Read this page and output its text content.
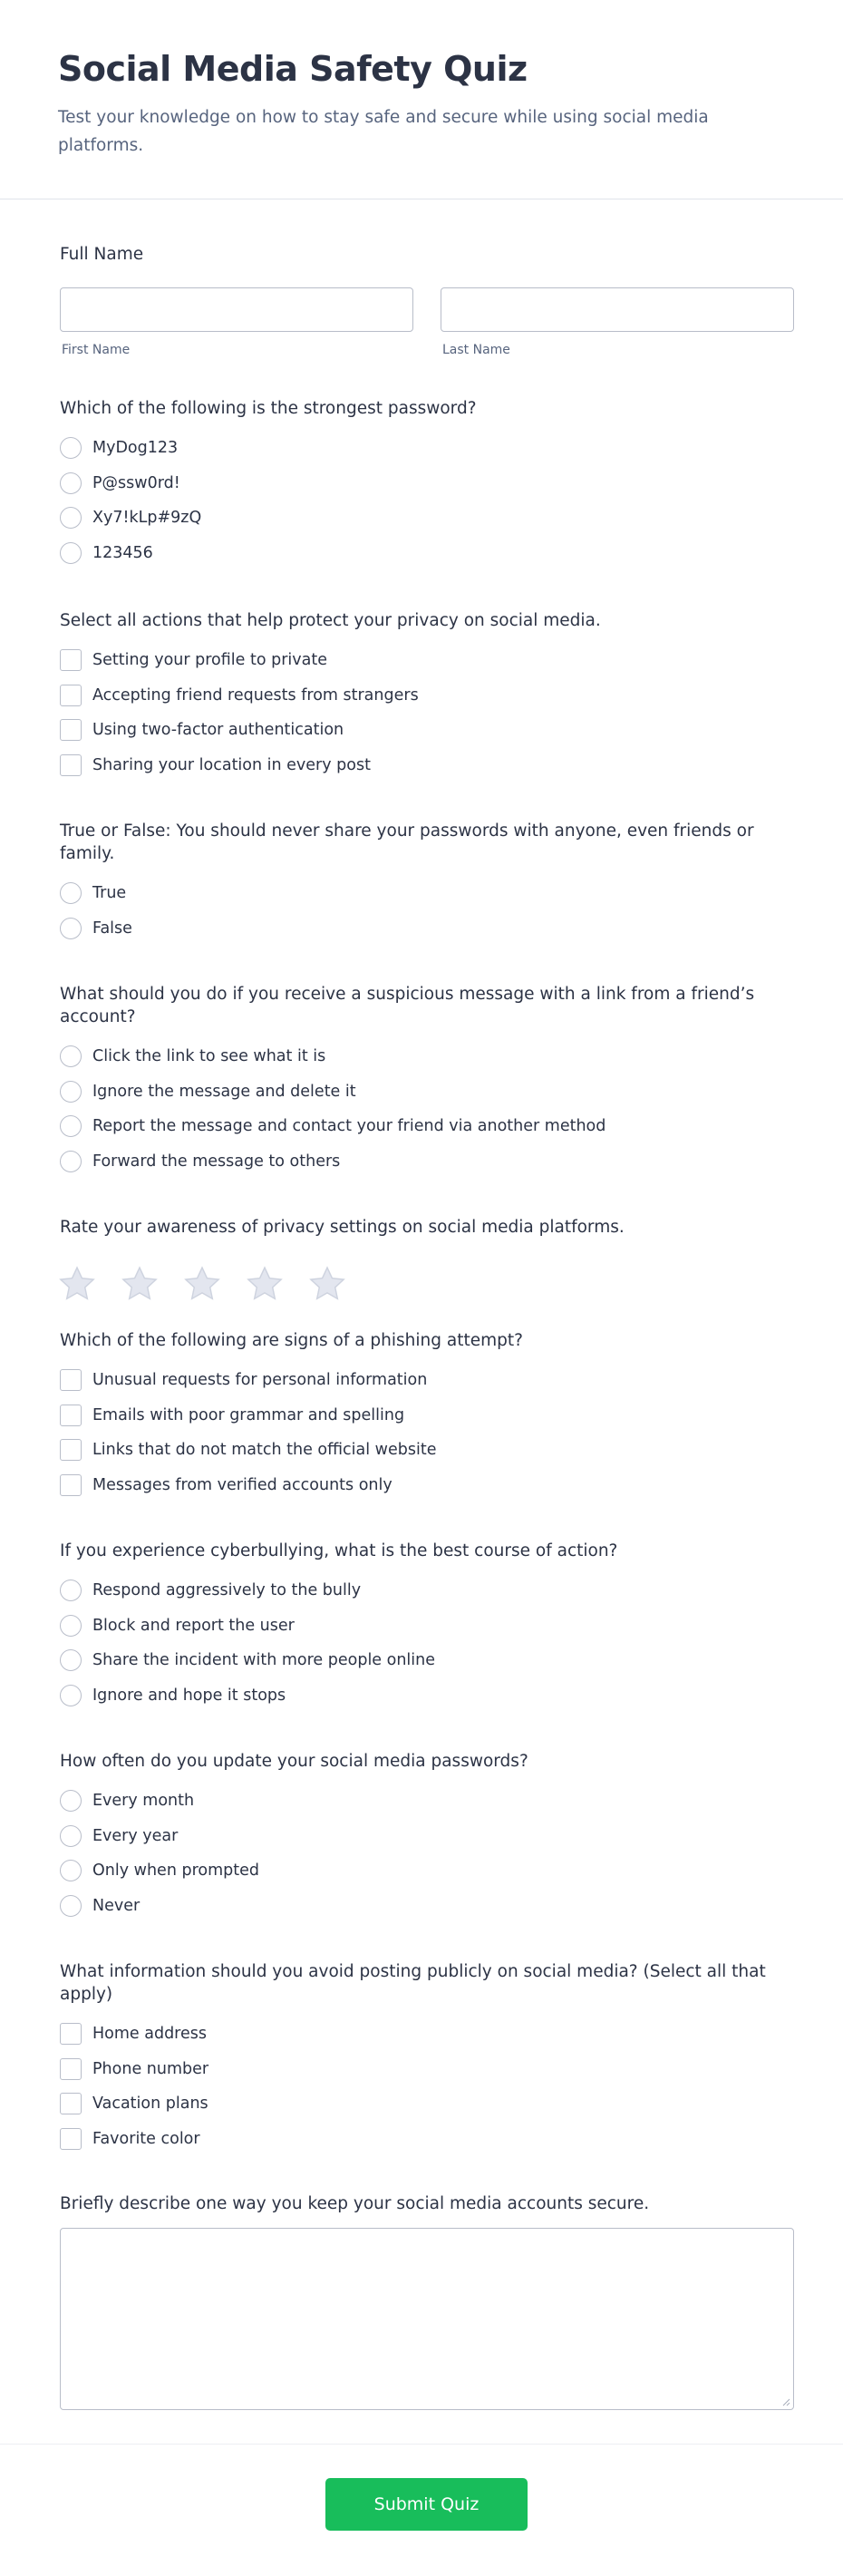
Social Media Safety Quiz

Test your knowledge on how to stay safe and secure while using social media platforms.

Full Name
First Name	Last Name
Which of the following is the strongest password?
MyDog123
P@ssw0rd!
Xy7!kLp#9zQ
123456
Select all actions that help protect your privacy on social media.
Setting your profile to private
Accepting friend requests from strangers
Using two-factor authentication
Sharing your location in every post
True or False: You should never share your passwords with anyone, even friends or family.
True
False
What should you do if you receive a suspicious message with a link from a friend’s account?
Click the link to see what it is
Ignore the message and delete it
Report the message and contact your friend via another method
Forward the message to others
Rate your awareness of privacy settings on social media platforms.
Which of the following are signs of a phishing attempt?
Unusual requests for personal information
Emails with poor grammar and spelling
Links that do not match the official website
Messages from verified accounts only
If you experience cyberbullying, what is the best course of action?
Respond aggressively to the bully
Block and report the user
Share the incident with more people online
Ignore and hope it stops
How often do you update your social media passwords?
Every month
Every year
Only when prompted
Never
What information should you avoid posting publicly on social media? (Select all that apply)
Home address
Phone number
Vacation plans
Favorite color
Briefly describe one way you keep your social media accounts secure.
Submit Quiz
